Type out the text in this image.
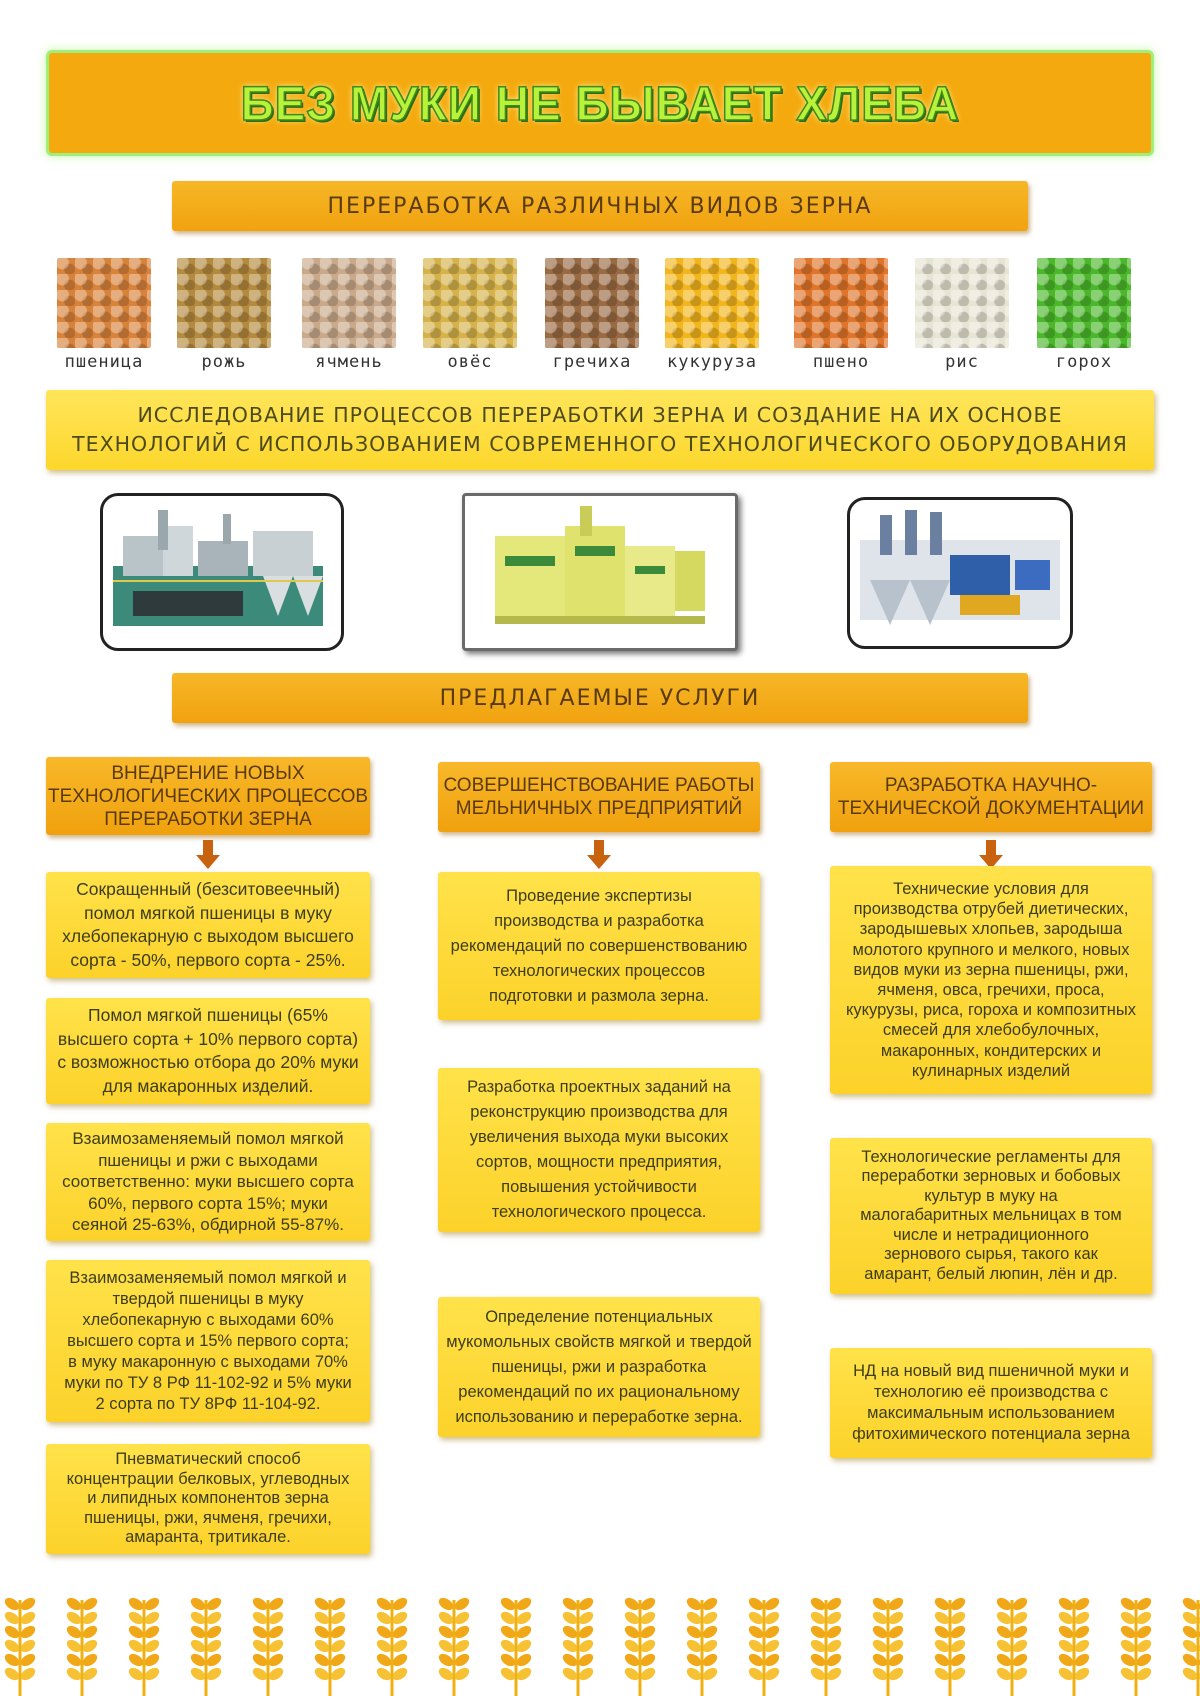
БЕЗ МУКИ НЕ БЫВАЕТ ХЛЕБА
ПЕРЕРАБОТКА РАЗЛИЧНЫХ ВИДОВ ЗЕРНА
пшеница	рожь	ячмень	овёс	гречиха	кукуруза	пшено	рис	горох
ИССЛЕДОВАНИЕ ПРОЦЕССОВ ПЕРЕРАБОТКИ ЗЕРНА И СОЗДАНИЕ НА ИХ ОСНОВЕ
ТЕХНОЛОГИЙ С ИСПОЛЬЗОВАНИЕМ СОВРЕМЕННОГО ТЕХНОЛОГИЧЕСКОГО ОБОРУДОВАНИЯ
ПРЕДЛАГАЕМЫЕ УСЛУГИ
ВНЕДРЕНИЕ НОВЫХ
ТЕХНОЛОГИЧЕСКИХ ПРОЦЕССОВ
ПЕРЕРАБОТКИ ЗЕРНА
Сокращенный (безситовеечный)
помол мягкой пшеницы в муку
хлебопекарную с выходом высшего
сорта - 50%, первого сорта - 25%.
Помол мягкой пшеницы (65%
высшего сорта + 10% первого сорта)
с возможностью отбора до 20% муки
для макаронных изделий.
Взаимозаменяемый помол мягкой
пшеницы и ржи с выходами
соответственно: муки высшего сорта
60%, первого сорта 15%; муки
сеяной 25-63%, обдирной 55-87%.
Взаимозаменяемый помол мягкой и
твердой пшеницы в муку
хлебопекарную с выходами 60%
высшего сорта и 15% первого сорта;
в муку макаронную с выходами 70%
муки по ТУ 8 РФ 11-102-92 и 5% муки
2 сорта по ТУ 8РФ 11-104-92.
Пневматический способ
концентрации белковых, углеводных
и липидных компонентов зерна
пшеницы, ржи, ячменя, гречихи,
амаранта, тритикале.
СОВЕРШЕНСТВОВАНИЕ РАБОТЫ
МЕЛЬНИЧНЫХ ПРЕДПРИЯТИЙ
Проведение экспертизы
производства и разработка
рекомендаций по совершенствованию
технологических процессов
подготовки и размола зерна.
Разработка проектных заданий на
реконструкцию производства для
увеличения выхода муки высоких
сортов, мощности предприятия,
повышения устойчивости
технологического процесса.
Определение потенциальных
мукомольных свойств мягкой и твердой
пшеницы, ржи и разработка
рекомендаций по их рациональному
использованию и переработке зерна.
РАЗРАБОТКА НАУЧНО-
ТЕХНИЧЕСКОЙ ДОКУМЕНТАЦИИ
Технические условия для
производства отрубей диетических,
зародышевых хлопьев, зародыша
молотого крупного и мелкого, новых
видов муки из зерна пшеницы, ржи,
ячменя, овса, гречихи, проса,
кукурузы, риса, гороха и композитных
смесей для хлебобулочных,
макаронных, кондитерских и
кулинарных изделий
Технологические регламенты для
переработки зерновых и бобовых
культур в муку на
малогабаритных мельницах в том
числе и нетрадиционного
зернового сырья, такого как
амарант, белый люпин, лён и др.
НД на новый вид пшеничной муки и
технологию её производства с
максимальным использованием
фитохимического потенциала зерна
